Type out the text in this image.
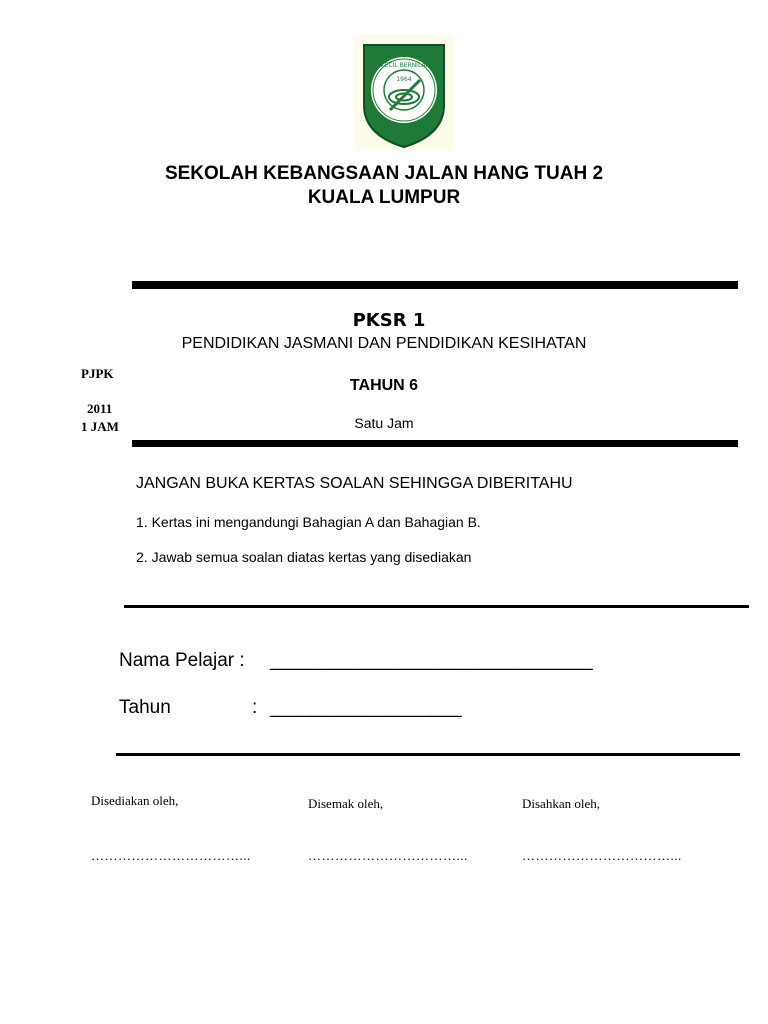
KECIL BERNILAI
1964
SEKOLAH KEBANGSAAN JALAN HANG TUAH 2
KUALA LUMPUR
PKSR 1
PENDIDIKAN JASMANI DAN PENDIDIKAN KESIHATAN
TAHUN 6
Satu Jam
PJPK
2011
1 JAM
JANGAN BUKA KERTAS SOALAN SEHINGGA DIBERITAHU
1. Kertas ini mengandungi Bahagian A dan Bahagian B.
2. Jawab semua soalan diatas kertas yang disediakan
Nama Pelajar : ________________________________
Tahun	: ___________________
Disediakan oleh,	Disemak oleh,	Disahkan oleh,
……………………………...	……………………………...	……………………………...
